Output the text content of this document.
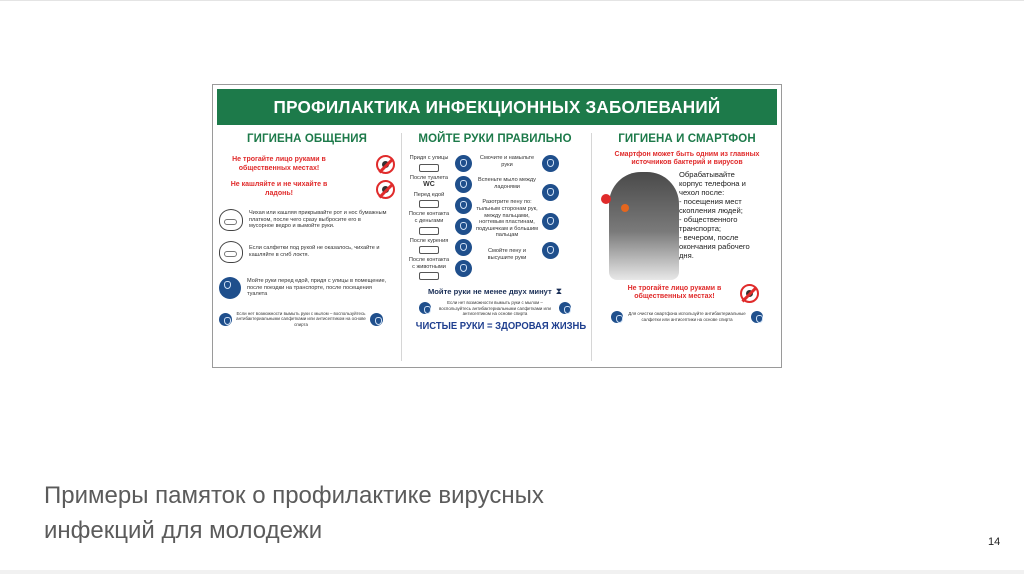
ПРОФИЛАКТИКА ИНФЕКЦИОННЫХ ЗАБОЛЕВАНИЙ
ГИГИЕНА ОБЩЕНИЯ
Не трогайте лицо руками в общественных местах!
Не кашляйте и не чихайте в ладонь!
Чихая или кашляя прикрывайте рот и нос бумажным платком, после чего сразу выбросите его в мусорное ведро и вымойте руки.
Если салфетки под рукой не оказалось, чихайте и кашляйте в сгиб локтя.
Мойте руки перед едой, придя с улицы в помещение, после поездки на транспорте, после посещения туалета
Если нет возможности вымыть руки с мылом – воспользуйтесь антибактериальными салфетками или антисептиком на основе спирта
МОЙТЕ РУКИ ПРАВИЛЬНО
Придя с улицы
После туалета
WC
Перед едой
После контакта с деньгами
После курения
После контакта с животными
Смочите и намыльте руки
Вспеньте мыло между ладонями
Разотрите пену по: тыльным сторонам рук, между пальцами, ногтевым пластинам, подушечкам и большим пальцам
Смойте пену и высушите руки
Мойте руки не менее двух минут ⧗
Если нет возможности вымыть руки с мылом – воспользуйтесь антибактериальными салфетками или антисептиком на основе спирта
ЧИСТЫЕ РУКИ = ЗДОРОВАЯ ЖИЗНЬ
ГИГИЕНА И СМАРТФОН
Смартфон может быть одним из главных источников бактерий и вирусов
Обрабатывайте
корпус телефона и
чехол после:
- посещения мест
скопления людей;
- общественного
транспорта;
- вечером, после
окончания рабочего
дня.
Не трогайте лицо руками в общественных местах!
Для очистки смартфона используйте антибактериальные салфетки или антисептики на основе спирта
Примеры памяток о профилактике вирусных
инфекций для молодежи	14
